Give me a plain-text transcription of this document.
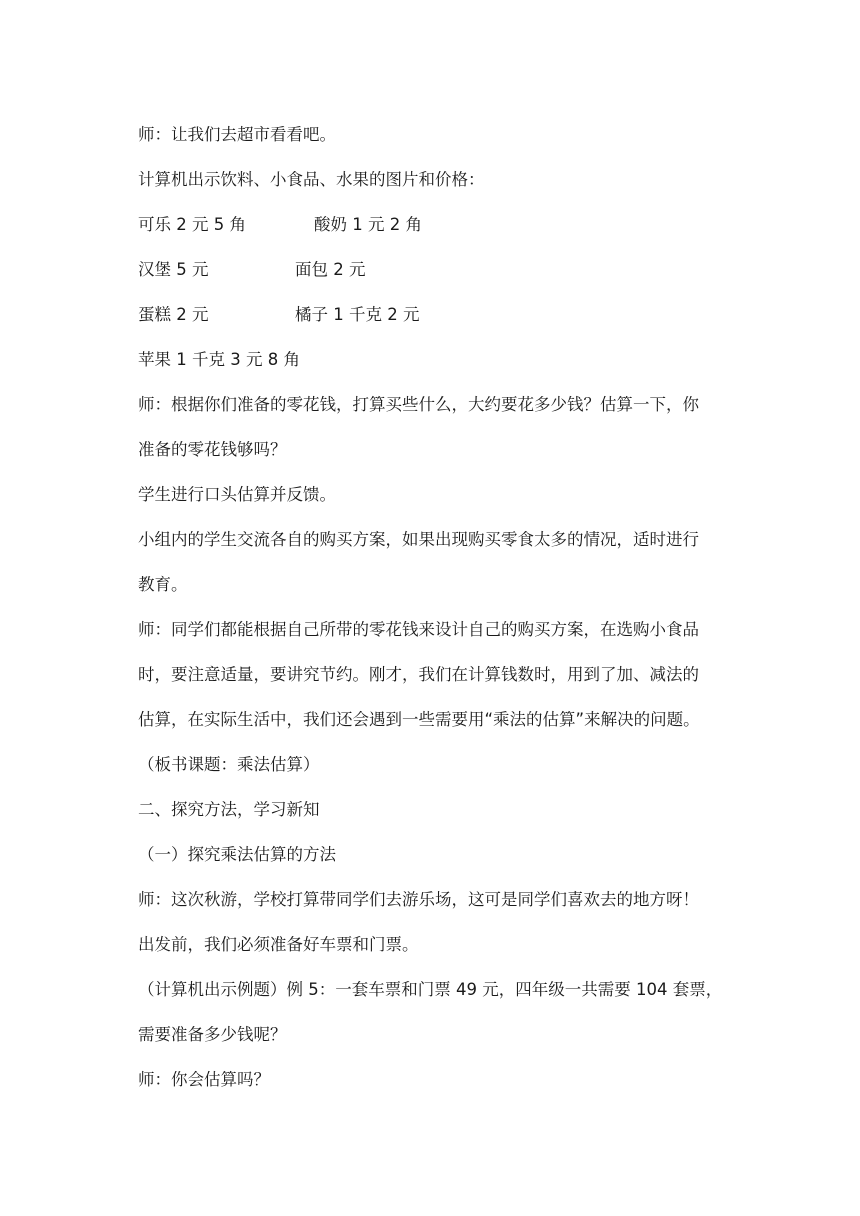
师：让我们去超市看看吧。
计算机出示饮料、小食品、水果的图片和价格：
可乐 2 元 5 角	酸奶 1 元 2 角
汉堡 5 元	面包 2 元
蛋糕 2 元	橘子 1 千克 2 元
苹果 1 千克 3 元 8 角
师：根据你们准备的零花钱，打算买些什么，大约要花多少钱？估算一下，你
准备的零花钱够吗？
学生进行口头估算并反馈。
小组内的学生交流各自的购买方案，如果出现购买零食太多的情况，适时进行
教育。
师：同学们都能根据自己所带的零花钱来设计自己的购买方案，在选购小食品
时，要注意适量，要讲究节约。刚才，我们在计算钱数时，用到了加、减法的
估算，在实际生活中，我们还会遇到一些需要用“乘法的估算”来解决的问题。
（板书课题：乘法估算）
二、探究方法，学习新知
（一）探究乘法估算的方法
师：这次秋游，学校打算带同学们去游乐场，这可是同学们喜欢去的地方呀！
出发前，我们必须准备好车票和门票。
（计算机出示例题）例 5：一套车票和门票 49 元，四年级一共需要 104 套票，
需要准备多少钱呢？
师：你会估算吗？
